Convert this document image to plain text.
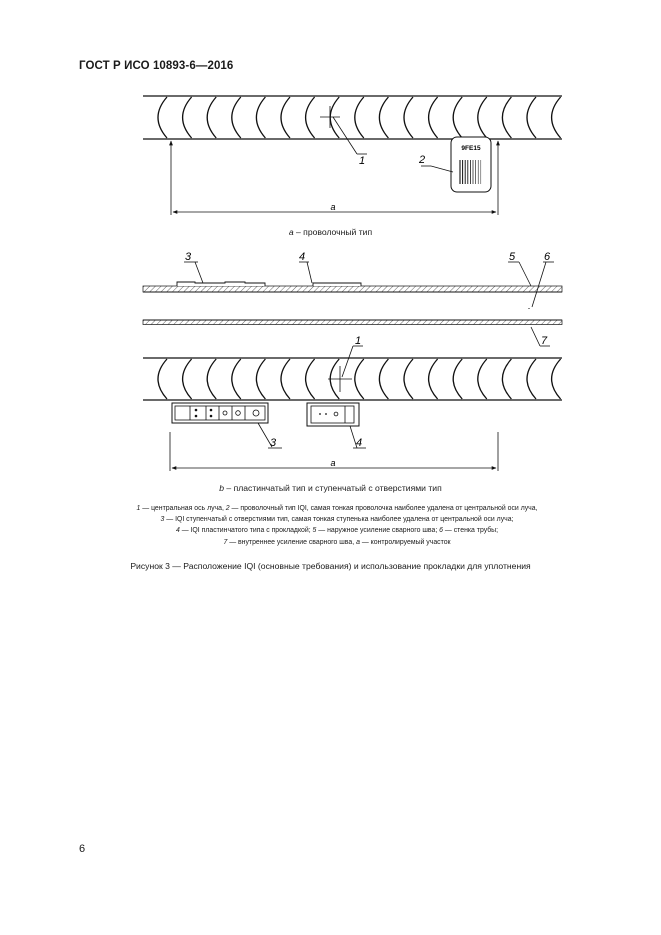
ГОСТ Р ИСО 10893-6—2016
1
9FE15
2
a
3	4	5	6
7
1
3	4
a
a – проволочный тип
b – пластинчатый тип и ступенчатый с отверстиями тип
1 — центральная ось луча, 2 — проволочный тип IQI, самая тонкая проволочка наиболее удалена от центральной оси луча,
3 — IQI ступенчатый с отверстиями тип, самая тонкая ступенька наиболее удалена от центральной оси луча;
4 — IQI пластинчатого типа с прокладкой; 5 — наружное усиление сварного шва; 6 — стенка трубы;
7 — внутреннее усиление сварного шва, a — контролируемый участок
Рисунок 3 — Расположение IQI (основные требования) и использование прокладки для уплотнения
6
